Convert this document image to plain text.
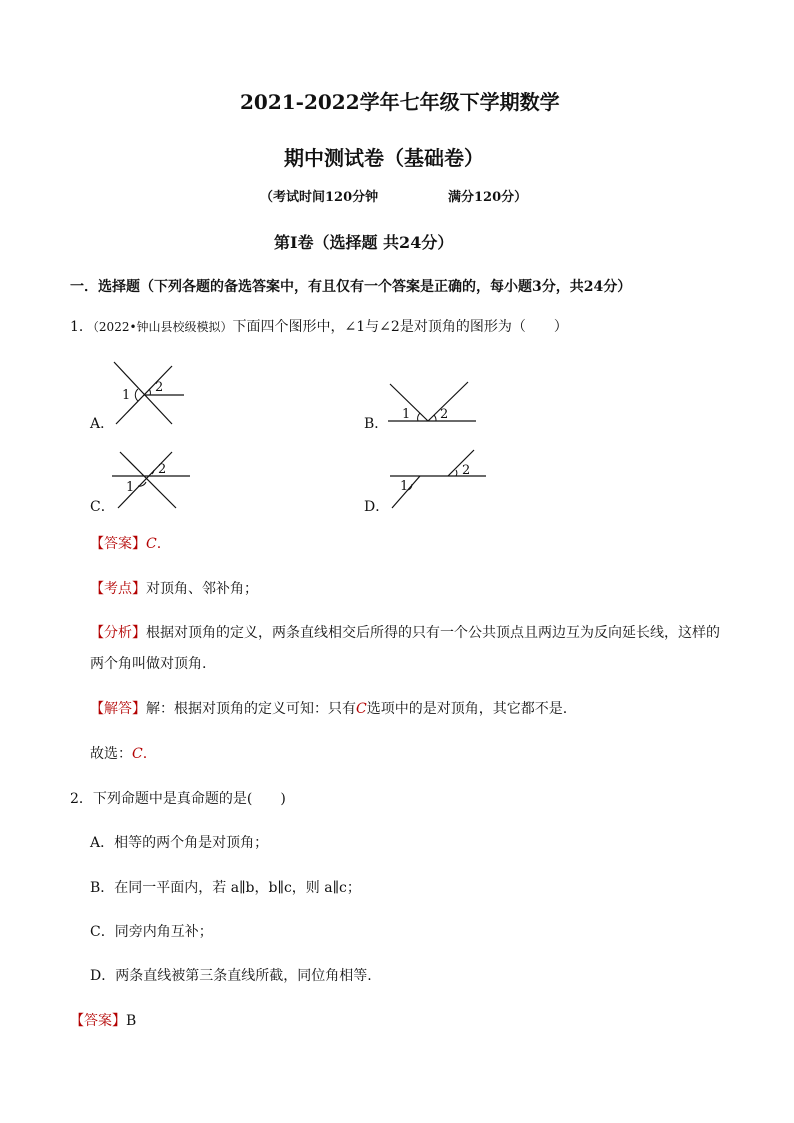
2021-2022学年七年级下学期数学
期中测试卷（基础卷）
（考试时间120分钟	满分120分）
第Ⅰ卷（选择题 共24分）
一．选择题（下列各题的备选答案中，有且仅有一个答案是正确的，每小题3分，共24分）
1．（2022•钟山县校级模拟）下面四个图形中，∠1与∠2是对顶角的图形为（　　）
A．
1
2
B．
1 2
C．
1
2
D．
1
2
【答案】C.
【考点】对顶角、邻补角；
【分析】根据对顶角的定义，两条直线相交后所得的只有一个公共顶点且两边互为反向延长线，这样的
两个角叫做对顶角.
【解答】解：根据对顶角的定义可知：只有C选项中的是对顶角，其它都不是.
故选：C.
2．下列命题中是真命题的是(　　)
A．相等的两个角是对顶角；
B．在同一平面内，若 a∥b，b∥c，则 a∥c；
C．同旁内角互补；
D．两条直线被第三条直线所截，同位角相等.
【答案】B
